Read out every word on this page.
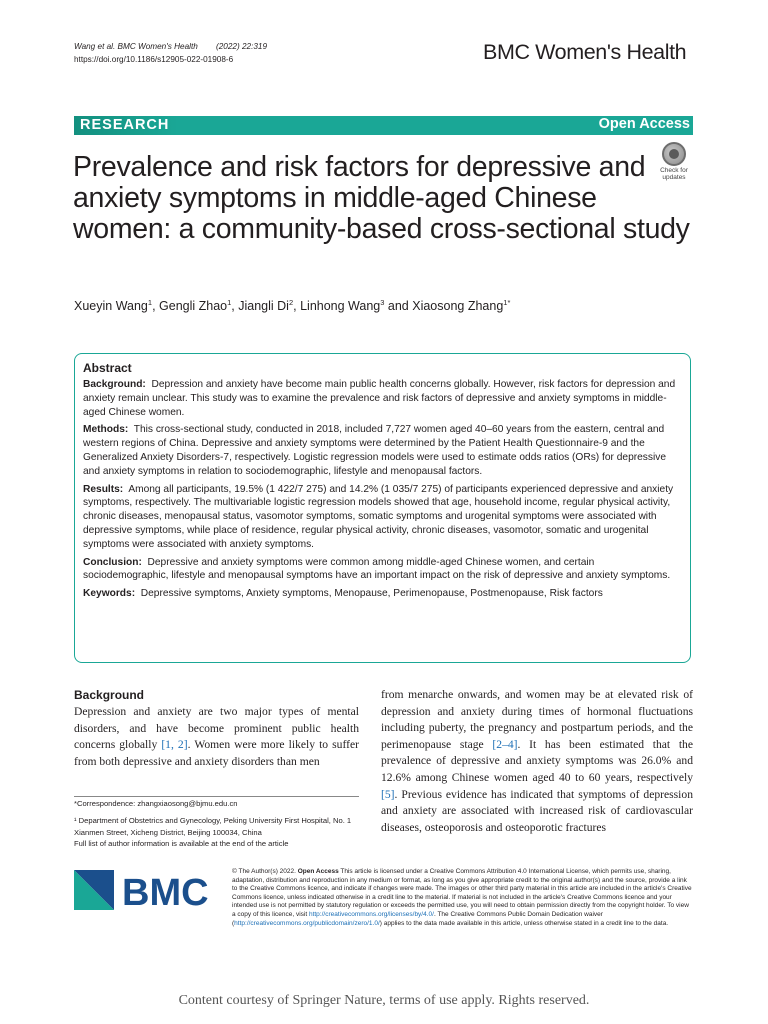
Wang et al. BMC Women's Health (2022) 22:319
https://doi.org/10.1186/s12905-022-01908-6	BMC Women's Health
RESEARCH	Open Access
Check for updates
Prevalence and risk factors for depressive and anxiety symptoms in middle-aged Chinese women: a community-based cross-sectional study
Xueyin Wang$^1$, Gengli Zhao$^1$, Jiangli Di$^2$, Linhong Wang$^3$ and Xiaosong Zhang$^{1*}$
Abstract

Background: Depression and anxiety have become main public health concerns globally. However, risk factors for depression and anxiety remain unclear. This study was to examine the prevalence and risk factors of depressive and anxiety symptoms in middle-aged Chinese women.

Methods: This cross-sectional study, conducted in 2018, included 7,727 women aged 40–60 years from the eastern, central and western regions of China. Depressive and anxiety symptoms were determined by the Patient Health Questionnaire-9 and the Generalized Anxiety Disorders-7, respectively. Logistic regression models were used to estimate odds ratios (ORs) for depressive and anxiety symptoms in relation to sociodemographic, lifestyle and menopausal factors.

Results: Among all participants, 19.5% (1 422/7 275) and 14.2% (1 035/7 275) of participants experienced depressive and anxiety symptoms, respectively. The multivariable logistic regression models showed that age, household income, regular physical activity, chronic diseases, menopausal status, vasomotor symptoms, somatic symptoms and urogenital symptoms were associated with depressive symptoms, while place of residence, regular physical activity, chronic diseases, vasomotor, somatic and urogenital symptoms were associated with anxiety symptoms.

Conclusion: Depressive and anxiety symptoms were common among middle-aged Chinese women, and certain sociodemographic, lifestyle and menopausal symptoms have an important impact on the risk of depressive and anxiety symptoms.

Keywords: Depressive symptoms, Anxiety symptoms, Menopause, Perimenopause, Postmenopause, Risk factors

Background

Depression and anxiety are two major types of mental disorders, and have become prominent public health concerns globally [1, 2]. Women were more likely to suffer from both depressive and anxiety disorders than men

from menarche onwards, and women may be at elevated risk of depression and anxiety during times of hormonal fluctuations including puberty, the pregnancy and postpartum periods, and the perimenopause stage [2–4]. It has been estimated that the prevalence of depressive and anxiety symptoms was 26.0% and 12.6% among Chinese women aged 40 to 60 years, respectively [5]. Previous evidence has indicated that symptoms of depression and anxiety are associated with increased risk of cardiovascular diseases, osteoporosis and osteoporotic fractures

*Correspondence: zhangxiaosong@bjmu.edu.cn

¹ Department of Obstetrics and Gynecology, Peking University First Hospital, No. 1 Xianmen Street, Xicheng District, Beijing 100034, China

Full list of author information is available at the end of the article

BMC
© The Author(s) 2022. Open Access This article is licensed under a Creative Commons Attribution 4.0 International License, which permits use, sharing, adaptation, distribution and reproduction in any medium or format, as long as you give appropriate credit to the original author(s) and the source, provide a link to the Creative Commons licence, and indicate if changes were made. The images or other third party material in this article are included in the article's Creative Commons licence, unless indicated otherwise in a credit line to the material. If material is not included in the article's Creative Commons licence and your intended use is not permitted by statutory regulation or exceeds the permitted use, you will need to obtain permission directly from the copyright holder. To view a copy of this licence, visit http://creativecommons.org/licenses/by/4.0/. The Creative Commons Public Domain Dedication waiver (http://creativecommons.org/publicdomain/zero/1.0/) applies to the data made available in this article, unless otherwise stated in a credit line to the data.
Content courtesy of Springer Nature, terms of use apply. Rights reserved.
